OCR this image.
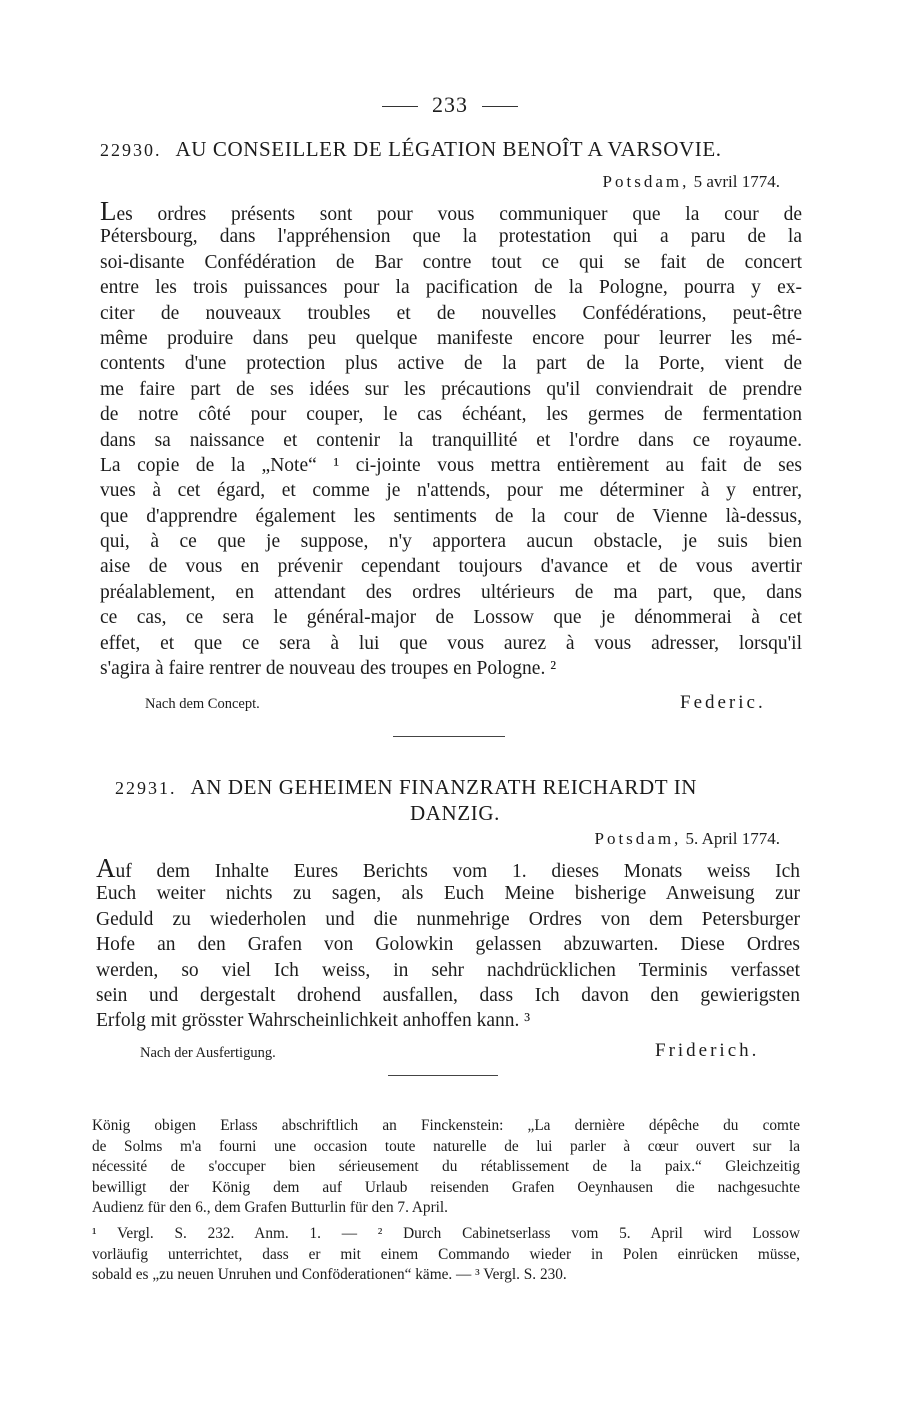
233
22930. AU CONSEILLER DE LÉGATION BENOÎT A VARSOVIE.
Potsdam, 5 avril 1774.
Les ordres présents sont pour vous communiquer que la cour de
Pétersbourg, dans l'appréhension que la protestation qui a paru de la
soi-disante Confédération de Bar contre tout ce qui se fait de concert
entre les trois puissances pour la pacification de la Pologne, pourra y ex-
citer de nouveaux troubles et de nouvelles Confédérations, peut-être
même produire dans peu quelque manifeste encore pour leurrer les mé-
contents d'une protection plus active de la part de la Porte, vient de
me faire part de ses idées sur les précautions qu'il conviendrait de prendre
de notre côté pour couper, le cas échéant, les germes de fermentation
dans sa naissance et contenir la tranquillité et l'ordre dans ce royaume.
La copie de la „Note“ ¹ ci-jointe vous mettra entièrement au fait de ses
vues à cet égard, et comme je n'attends, pour me déterminer à y entrer,
que d'apprendre également les sentiments de la cour de Vienne là-dessus,
qui, à ce que je suppose, n'y apportera aucun obstacle, je suis bien
aise de vous en prévenir cependant toujours d'avance et de vous avertir
préalablement, en attendant des ordres ultérieurs de ma part, que, dans
ce cas, ce sera le général-major de Lossow que je dénommerai à cet
effet, et que ce sera à lui que vous aurez à vous adresser, lorsqu'il
s'agira à faire rentrer de nouveau des troupes en Pologne. ²
Nach dem Concept.	Federic.
22931. AN DEN GEHEIMEN FINANZRATH REICHARDT IN
DANZIG.
Potsdam, 5. April 1774.
Auf dem Inhalte Eures Berichts vom 1. dieses Monats weiss Ich
Euch weiter nichts zu sagen, als Euch Meine bisherige Anweisung zur
Geduld zu wiederholen und die nunmehrige Ordres von dem Petersburger
Hofe an den Grafen von Golowkin gelassen abzuwarten. Diese Ordres
werden, so viel Ich weiss, in sehr nachdrücklichen Terminis verfasset
sein und dergestalt drohend ausfallen, dass Ich davon den gewierigsten
Erfolg mit grösster Wahrscheinlichkeit anhoffen kann. ³
Nach der Ausfertigung.	Friderich.
König obigen Erlass abschriftlich an Finckenstein: „La dernière dépêche du comte
de Solms m'a fourni une occasion toute naturelle de lui parler à cœur ouvert sur la
nécessité de s'occuper bien sérieusement du rétablissement de la paix.“ Gleichzeitig
bewilligt der König dem auf Urlaub reisenden Grafen Oeynhausen die nachgesuchte
Audienz für den 6., dem Grafen Butturlin für den 7. April.
¹ Vergl. S. 232. Anm. 1. — ² Durch Cabinetserlass vom 5. April wird Lossow
vorläufig unterrichtet, dass er mit einem Commando wieder in Polen einrücken müsse,
sobald es „zu neuen Unruhen und Conföderationen“ käme. — ³ Vergl. S. 230.
